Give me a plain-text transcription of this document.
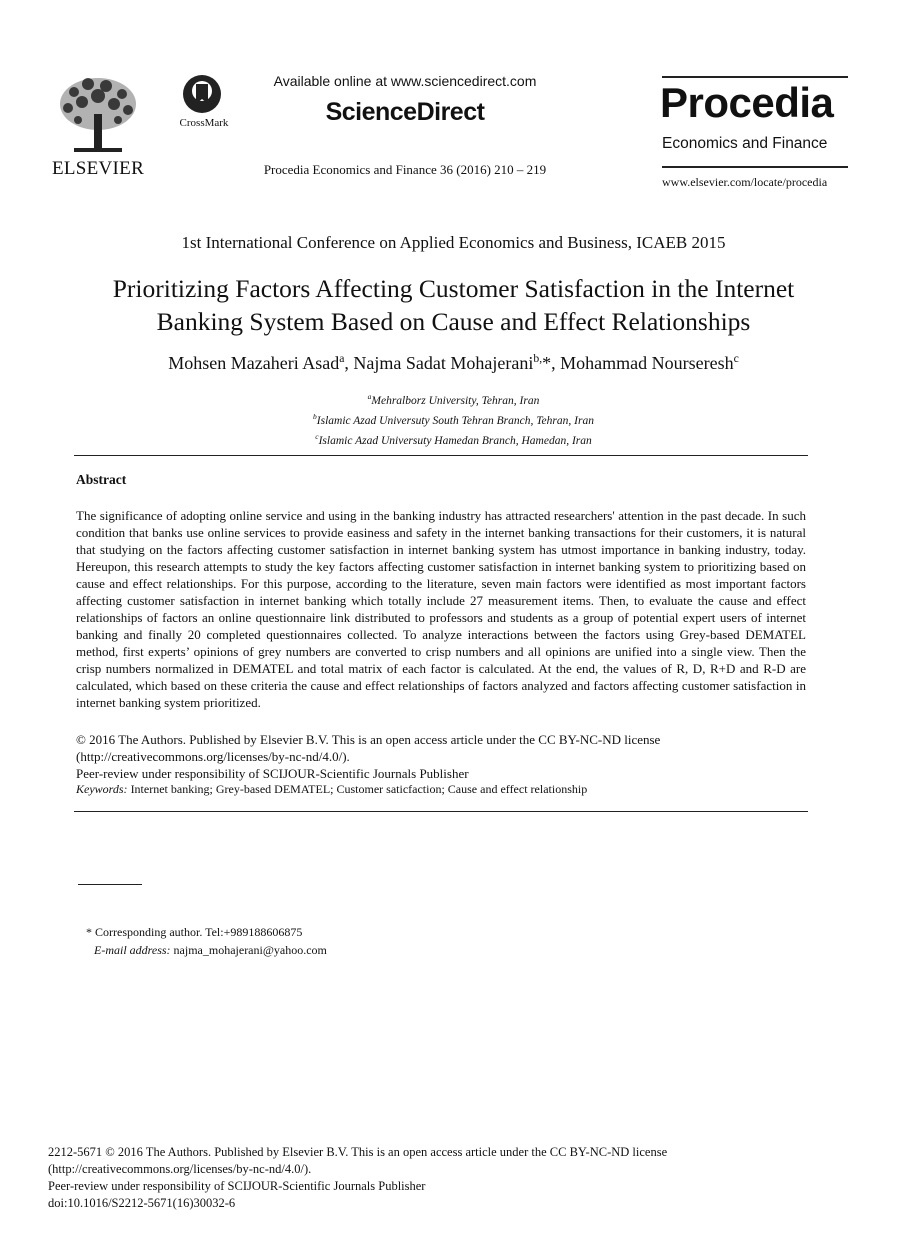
ELSEVIER
CrossMark
Available online at www.sciencedirect.com
ScienceDirect
Procedia Economics and Finance 36 (2016) 210 – 219
Procedia
Economics and Finance
www.elsevier.com/locate/procedia
1st International Conference on Applied Economics and Business, ICAEB 2015
Prioritizing Factors Affecting Customer Satisfaction in the Internet
Banking System Based on Cause and Effect Relationships
Mohsen Mazaheri Asad$^a$, Najma Sadat Mohajerani$^{b,}$*, Mohammad Nourseresh$^c$
$^a$Mehralborz University, Tehran, Iran
$^b$Islamic Azad Universuty South Tehran Branch, Tehran, Iran
$^c$Islamic Azad Universuty Hamedan Branch, Hamedan, Iran
Abstract
The significance of adopting online service and using in the banking industry has attracted researchers' attention in the past decade. In such condition that banks use online services to provide easiness and safety in the internet banking transactions for their customers, it is natural that studying on the factors affecting customer satisfaction in internet banking system has utmost importance in banking industry, today. Hereupon, this research attempts to study the key factors affecting customer satisfaction in internet banking system to prioritizing based on cause and effect relationships. For this purpose, according to the literature, seven main factors were identified as most important factors affecting customer satisfaction in internet banking which totally include 27 measurement items. Then, to evaluate the cause and effect relationships of factors an online questionnaire link distributed to professors and students as a group of potential expert users of internet banking and finally 20 completed questionnaires collected. To analyze interactions between the factors using Grey-based DEMATEL method, first experts’ opinions of grey numbers are converted to crisp numbers and all opinions are unified into a single view. Then the crisp numbers normalized in DEMATEL and total matrix of each factor is calculated. At the end, the values of R, D, R+D and R-D are calculated, which based on these criteria the cause and effect relationships of factors analyzed and factors affecting customer satisfaction in internet banking system prioritized.
© 2016 The Authors. Published by Elsevier B.V. This is an open access article under the CC BY-NC-ND license
(http://creativecommons.org/licenses/by-nc-nd/4.0/).
Peer-review under responsibility of SCIJOUR-Scientific Journals Publisher
Keywords: Internet banking; Grey-based DEMATEL; Customer saticfaction; Cause and effect relationship
* Corresponding author. Tel:+989188606875
E-mail address: najma_mohajerani@yahoo.com
2212-5671 © 2016 The Authors. Published by Elsevier B.V. This is an open access article under the CC BY-NC-ND license
(http://creativecommons.org/licenses/by-nc-nd/4.0/).
Peer-review under responsibility of SCIJOUR-Scientific Journals Publisher
doi:10.1016/S2212-5671(16)30032-6
